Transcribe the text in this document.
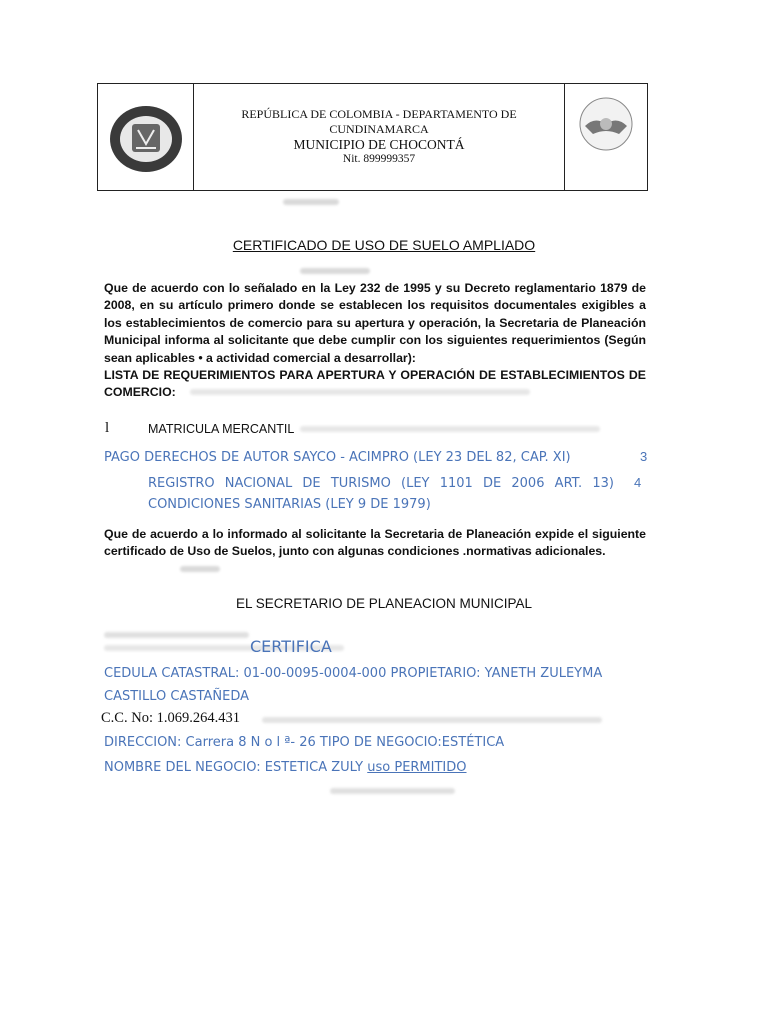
REPÚBLICA DE COLOMBIA - DEPARTAMENTO DE CUNDINAMARCA
MUNICIPIO DE CHOCONTÁ
Nit. 899999357
CERTIFICADO DE USO DE SUELO AMPLIADO
Que de acuerdo con lo señalado en la Ley 232 de 1995 y su Decreto reglamentario 1879 de 2008, en su artículo primero donde se establecen los requisitos documentales exigibles a los establecimientos de comercio para su apertura y operación, la Secretaria de Planeación Municipal informa al solicitante que debe cumplir con los siguientes requerimientos (Según sean aplicables • a actividad comercial a desarrollar):
LISTA DE REQUERIMIENTOS PARA APERTURA Y OPERACIÓN DE ESTABLECIMIENTOS DE COMERCIO:
l	MATRICULA MERCANTIL
PAGO DERECHOS DE AUTOR SAYCO - ACIMPRO (LEY 23 DEL 82, CAP. XI)	3
REGISTRO NACIONAL DE TURISMO (LEY 1101 DE 2006 ART. 13) 4
CONDICIONES SANITARIAS (LEY 9 DE 1979)
Que de acuerdo a lo informado al solicitante la Secretaria de Planeación expide el siguiente certificado de Uso de Suelos, junto con algunas condiciones .normativas adicionales.
EL SECRETARIO DE PLANEACION MUNICIPAL
CERTIFICA
CEDULA CATASTRAL: 01-00-0095-0004-000 PROPIETARIO: YANETH ZULEYMA
CASTILLO CASTAÑEDA
C.C. No: 1.069.264.431
DIRECCION: Carrera 8 N o l ª- 26 TIPO DE NEGOCIO:ESTÉTICA
NOMBRE DEL NEGOCIO: ESTETICA ZULY uso PERMITIDO
